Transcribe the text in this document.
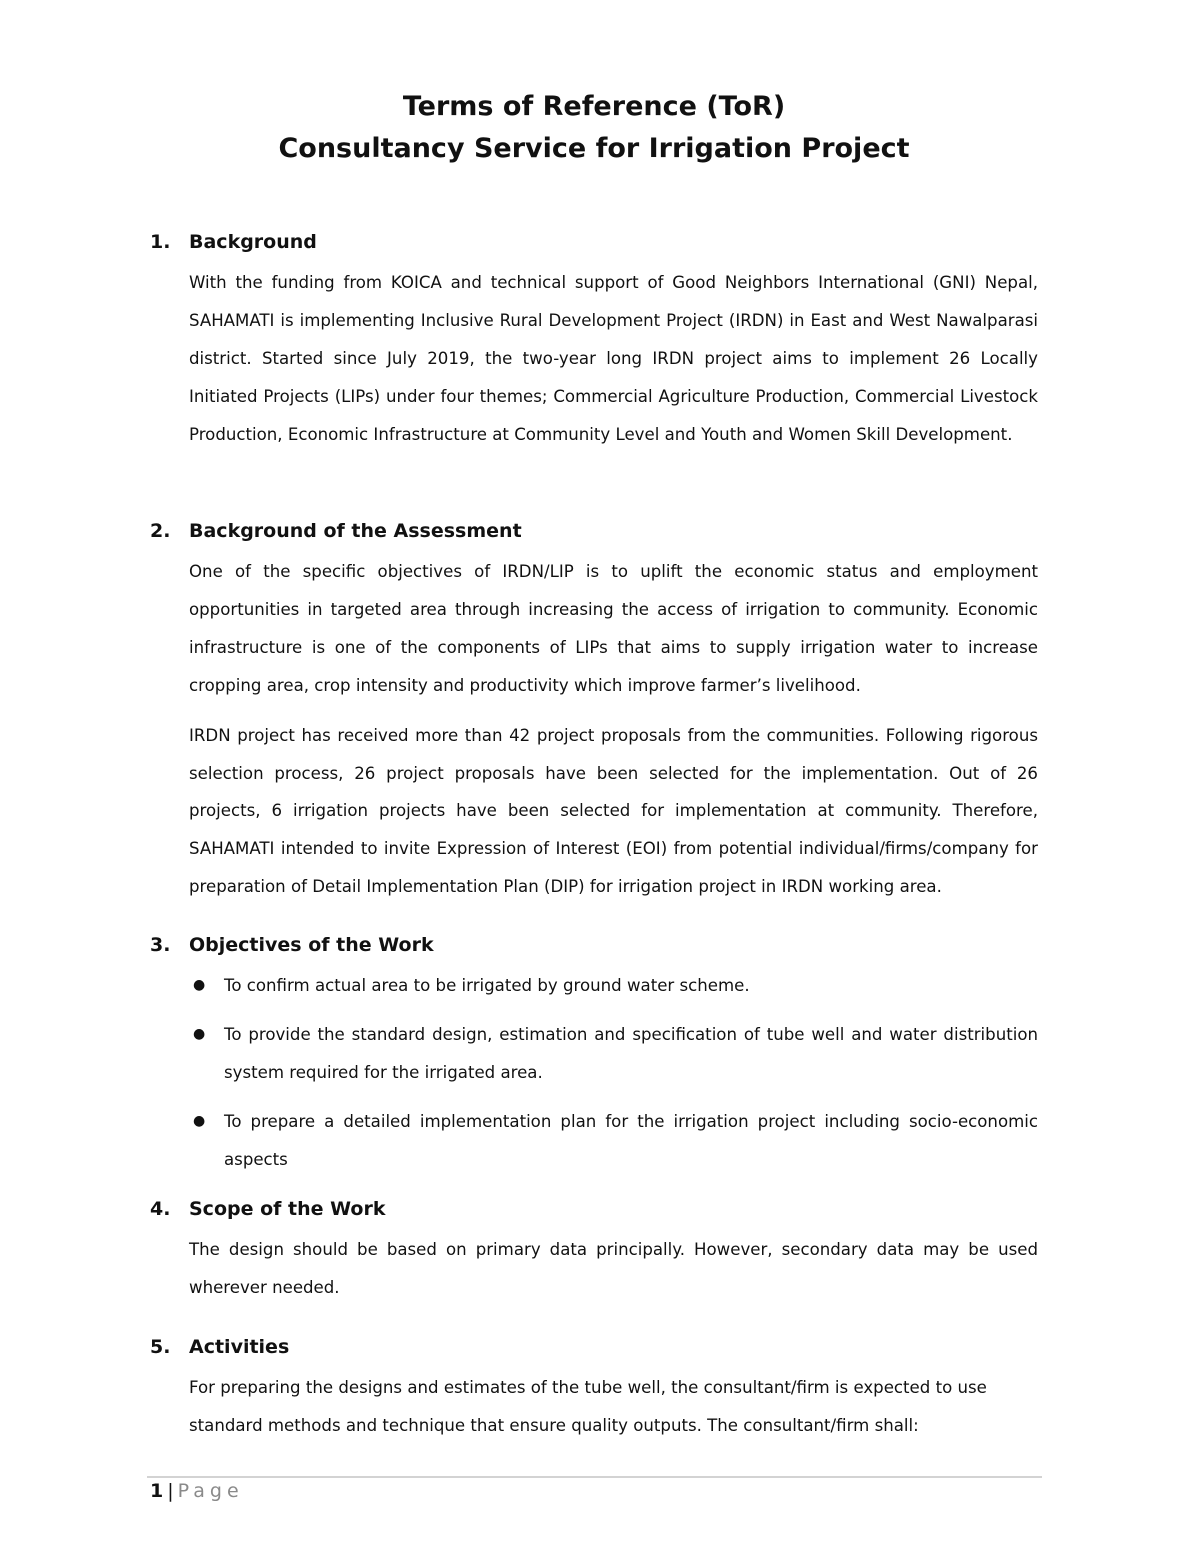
Terms of Reference (ToR)
Consultancy Service for Irrigation Project
1. Background

With the funding from KOICA and technical support of Good Neighbors International (GNI) Nepal, SAHAMATI is implementing Inclusive Rural Development Project (IRDN) in East and West Nawalparasi district. Started since July 2019, the two-year long IRDN project aims to implement 26 Locally Initiated Projects (LIPs) under four themes; Commercial Agriculture Production, Commercial Livestock Production, Economic Infrastructure at Community Level and Youth and Women Skill Development.

2. Background of the Assessment

One of the specific objectives of IRDN/LIP is to uplift the economic status and employment opportunities in targeted area through increasing the access of irrigation to community. Economic infrastructure is one of the components of LIPs that aims to supply irrigation water to increase cropping area, crop intensity and productivity which improve farmer’s livelihood.

IRDN project has received more than 42 project proposals from the communities. Following rigorous selection process, 26 project proposals have been selected for the implementation. Out of 26 projects, 6 irrigation projects have been selected for implementation at community. Therefore, SAHAMATI intended to invite Expression of Interest (EOI) from potential individual/firms/company for preparation of Detail Implementation Plan (DIP) for irrigation project in IRDN working area.

3. Objectives of the Work
● To confirm actual area to be irrigated by ground water scheme.
● To provide the standard design, estimation and specification of tube well and water distribution system required for the irrigated area.
● To prepare a detailed implementation plan for the irrigation project including socio-economic aspects
4. Scope of the Work

The design should be based on primary data principally. However, secondary data may be used wherever needed.

5. Activities

For preparing the designs and estimates of the tube well, the consultant/firm is expected to use standard methods and technique that ensure quality outputs. The consultant/firm shall:

1 | Page
